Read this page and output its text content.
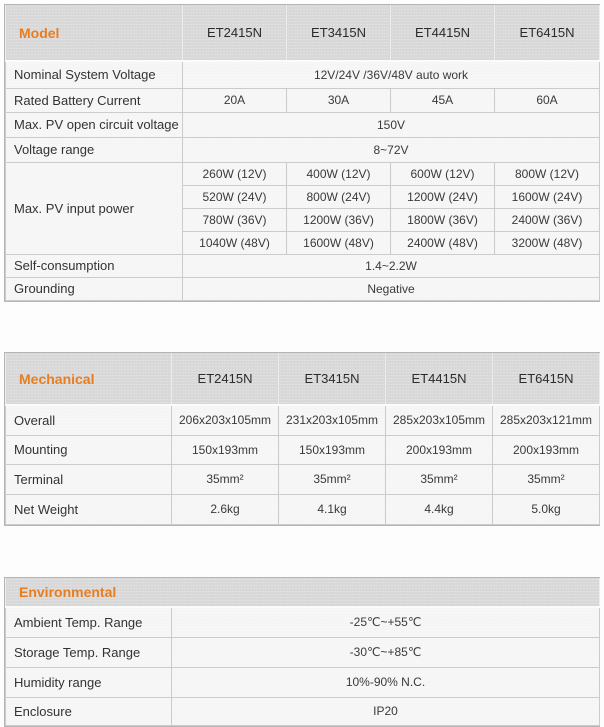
Model	ET2415N	ET3415N	ET4415N	ET6415N
Nominal System Voltage	12V/24V /36V/48V auto work			
Rated Battery Current	20A	30A	45A	60A
Max. PV open circuit voltage	150V			
Voltage range	8~72V			
Max. PV input power	260W (12V)	400W (12V)	600W (12V)	800W (12V)
	520W (24V)	800W (24V)	1200W (24V)	1600W (24V)
	780W (36V)	1200W (36V)	1800W (36V)	2400W (36V)
	1040W (48V)	1600W (48V)	2400W (48V)	3200W (48V)
Self-consumption	1.4~2.2W			
Grounding	Negative			
Mechanical	ET2415N	ET3415N	ET4415N	ET6415N
Overall	206x203x105mm	231x203x105mm	285x203x105mm	285x203x121mm
Mounting	150x193mm	150x193mm	200x193mm	200x193mm
Terminal	35mm²	35mm²	35mm²	35mm²
Net Weight	2.6kg	4.1kg	4.4kg	5.0kg
Environmental	
Ambient Temp. Range	-25℃~+55℃
Storage Temp. Range	-30℃~+85℃
Humidity range	10%-90% N.C.
Enclosure	IP20
